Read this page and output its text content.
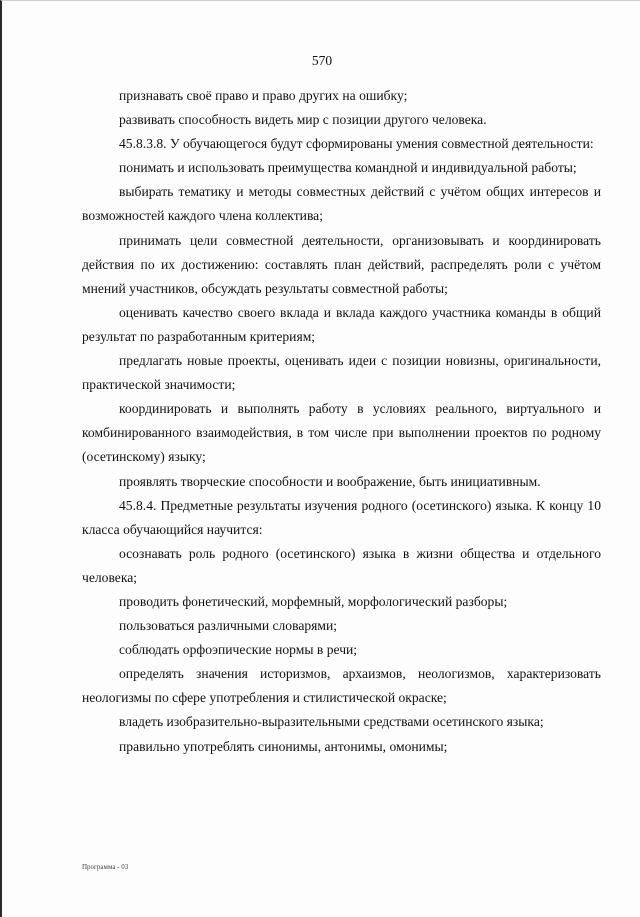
570

признавать своё право и право других на ошибку;

развивать способность видеть мир с позиции другого человека.

45.8.3.8. У обучающегося будут сформированы умения совместной деятельности:

понимать и использовать преимущества командной и индивидуальной работы;

выбирать тематику и методы совместных действий с учётом общих интересов и возможностей каждого члена коллектива;

принимать цели совместной деятельности, организовывать и координировать действия по их достижению: составлять план действий, распределять роли с учётом мнений участников, обсуждать результаты совместной работы;

оценивать качество своего вклада и вклада каждого участника команды в общий результат по разработанным критериям;

предлагать новые проекты, оценивать идеи с позиции новизны, оригинальности, практической значимости;

координировать и выполнять работу в условиях реального, виртуального и комбинированного взаимодействия, в том числе при выполнении проектов по родному (осетинскому) языку;

проявлять творческие способности и воображение, быть инициативным.

45.8.4. Предметные результаты изучения родного (осетинского) языка. К концу 10 класса обучающийся научится:

осознавать роль родного (осетинского) языка в жизни общества и отдельного человека;

проводить фонетический, морфемный, морфологический разборы;

пользоваться различными словарями;

соблюдать орфоэпические нормы в речи;

определять значения историзмов, архаизмов, неологизмов, характеризовать неологизмы по сфере употребления и стилистической окраске;

владеть изобразительно-выразительными средствами осетинского языка;

правильно употреблять синонимы, антонимы, омонимы;

Программа - 03
